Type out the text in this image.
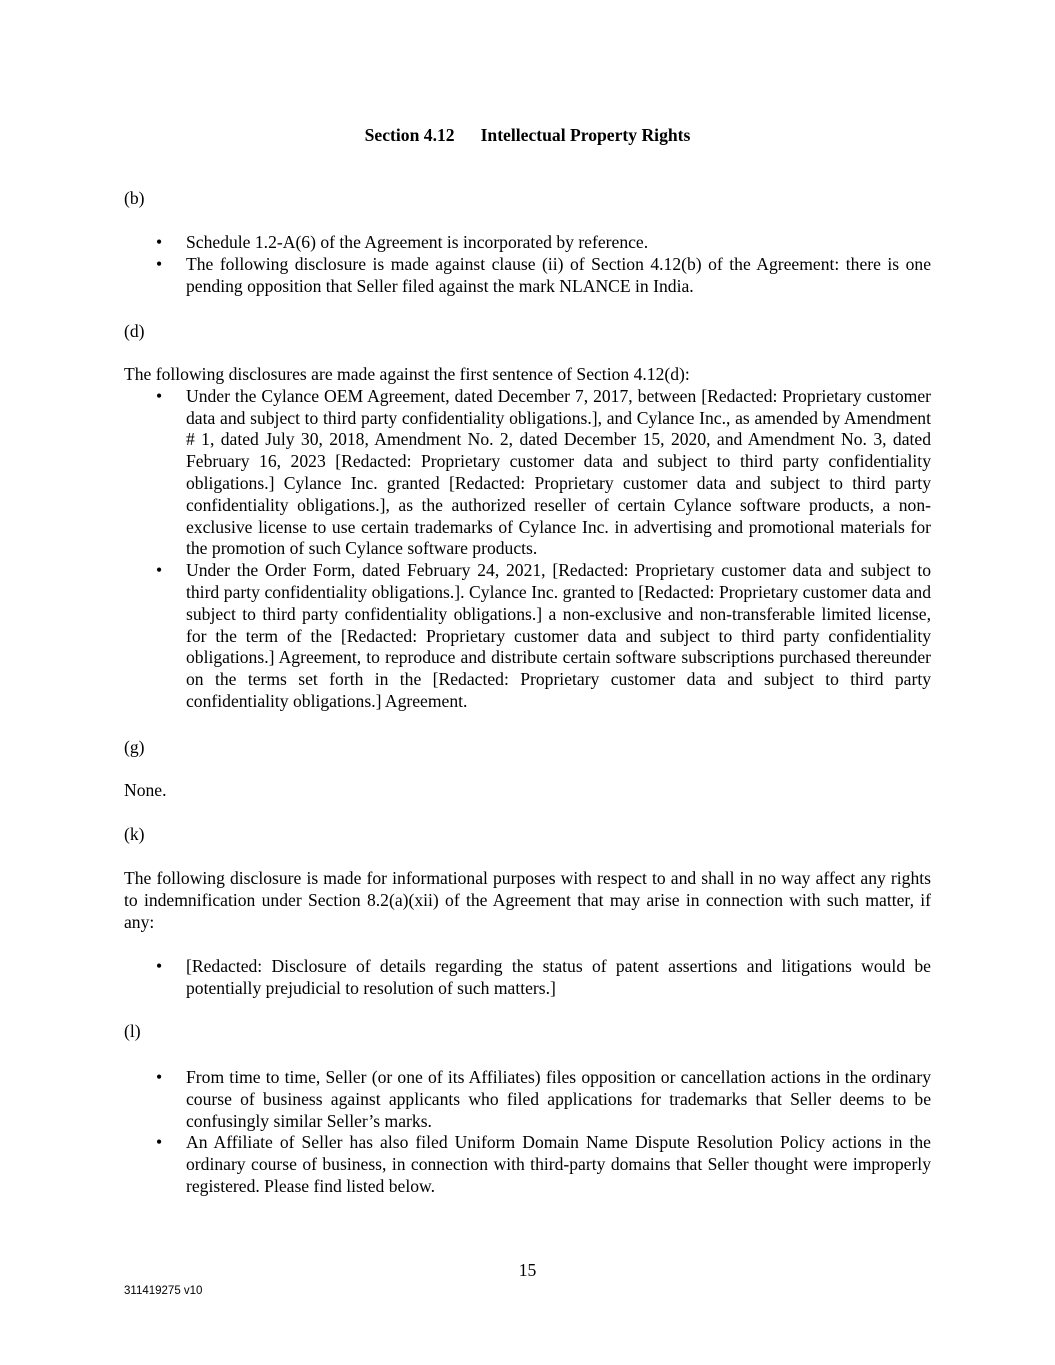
Section 4.12 Intellectual Property Rights
(b)
• Schedule 1.2-A(6) of the Agreement is incorporated by reference.
• The following disclosure is made against clause (ii) of Section 4.12(b) of the Agreement: there is one pending opposition that Seller filed against the mark NLANCE in India.
(d)

The following disclosures are made against the first sentence of Section 4.12(d):

• Under the Cylance OEM Agreement, dated December 7, 2017, between [Redacted: Proprietary customer data and subject to third party confidentiality obligations.], and Cylance Inc., as amended by Amendment # 1, dated July 30, 2018, Amendment No. 2, dated December 15, 2020, and Amendment No. 3, dated February 16, 2023 [Redacted: Proprietary customer data and subject to third party confidentiality obligations.] Cylance Inc. granted [Redacted: Proprietary customer data and subject to third party confidentiality obligations.], as the authorized reseller of certain Cylance software products, a non-exclusive license to use certain trademarks of Cylance Inc. in advertising and promotional materials for the promotion of such Cylance software products.
• Under the Order Form, dated February 24, 2021, [Redacted: Proprietary customer data and subject to third party confidentiality obligations.]. Cylance Inc. granted to [Redacted: Proprietary customer data and subject to third party confidentiality obligations.] a non-exclusive and non-transferable limited license, for the term of the [Redacted: Proprietary customer data and subject to third party confidentiality obligations.] Agreement, to reproduce and distribute certain software subscriptions purchased thereunder on the terms set forth in the [Redacted: Proprietary customer data and subject to third party confidentiality obligations.] Agreement.
(g)
None.
(k)

The following disclosure is made for informational purposes with respect to and shall in no way affect any rights to indemnification under Section 8.2(a)(xii) of the Agreement that may arise in connection with such matter, if any:

• [Redacted: Disclosure of details regarding the status of patent assertions and litigations would be potentially prejudicial to resolution of such matters.]
(l)
• From time to time, Seller (or one of its Affiliates) files opposition or cancellation actions in the ordinary course of business against applicants who filed applications for trademarks that Seller deems to be confusingly similar Seller’s marks.
• An Affiliate of Seller has also filed Uniform Domain Name Dispute Resolution Policy actions in the ordinary course of business, in connection with third-party domains that Seller thought were improperly registered. Please find listed below.
15
311419275 v10
